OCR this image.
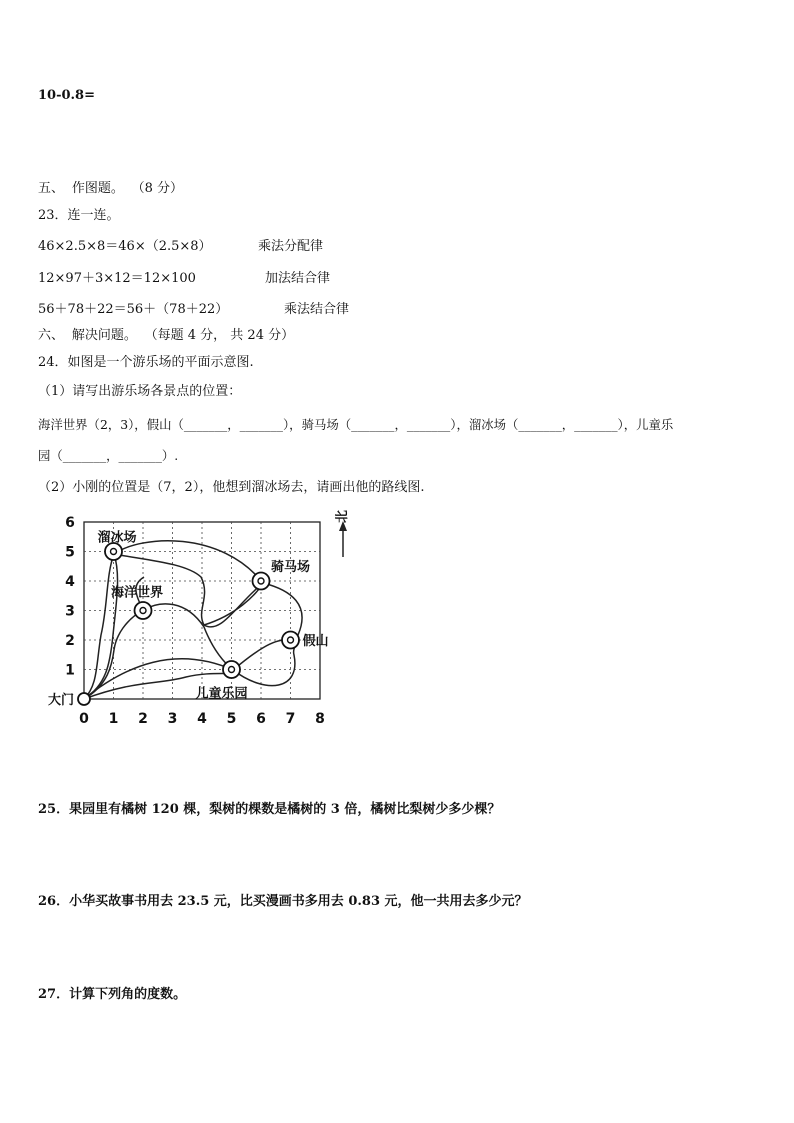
10-0.8=
五、 作图题。 （8 分）
23．连一连。
46×2.5×8＝46×（2.5×8）	乘法分配律
12×97＋3×12＝12×100	加法结合律
56＋78＋22＝56＋（78＋22）	乘法结合律
六、 解决问题。 （每题 4 分， 共 24 分）
24．如图是一个游乐场的平面示意图.
（1）请写出游乐场各景点的位置：
海洋世界（2，3），假山（_______，_______），骑马场（_______，_______），溜冰场（_______，_______），儿童乐
园（_______，_______）.
（2）小刚的位置是（7，2），他想到溜冰场去，请画出他的路线图.
溜冰场
骑马场
海洋世界
假山
儿童乐园
大门
0 1 2 3 4 5 6 7 8
1
2
3
4
5
6	北
25．果园里有橘树 120 棵，梨树的棵数是橘树的 3 倍，橘树比梨树少多少棵？
26．小华买故事书用去 23.5 元，比买漫画书多用去 0.83 元，他一共用去多少元？
27．计算下列角的度数。
